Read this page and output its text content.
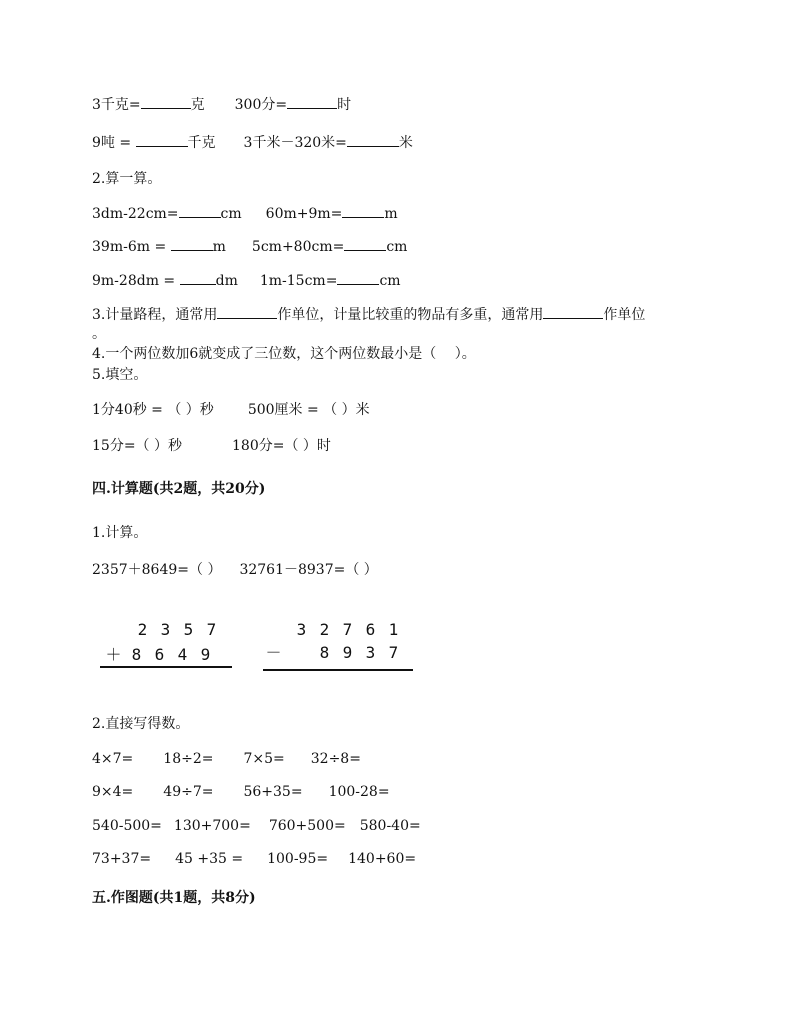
3千克=	克 300分=	时
9吨 =	千克 3千米－320米=	米
2.算一算。
3dm-22cm=	cm 60m+9m=	m
39m-6m =	m 5cm+80cm=	cm
9m-28dm =	dm 1m-15cm=	cm
3.计量路程，通常用	作单位，计量比较重的物品有多重，通常用	作单位
。
4.一个两位数加6就变成了三位数，这个两位数最小是（　 ）。
5.填空。
1分40秒 = （ ）秒 500厘米 = （ ）米
15分=（ ）秒	180分=（ ）时
四.计算题(共2题，共20分)
1.计算。
2357＋8649=（ ） 32761－8937=（ ）
2 3 5 7
＋ 8 6 4 9
3 2 7 6 1
－ 8 9 3 7
2.直接写得数。
4×7= 18÷2= 7×5= 32÷8=
9×4= 49÷7= 56+35= 100-28=
540-500= 130+700= 760+500= 580-40=
73+37= 45 +35 = 100-95= 140+60=
五.作图题(共1题，共8分)
